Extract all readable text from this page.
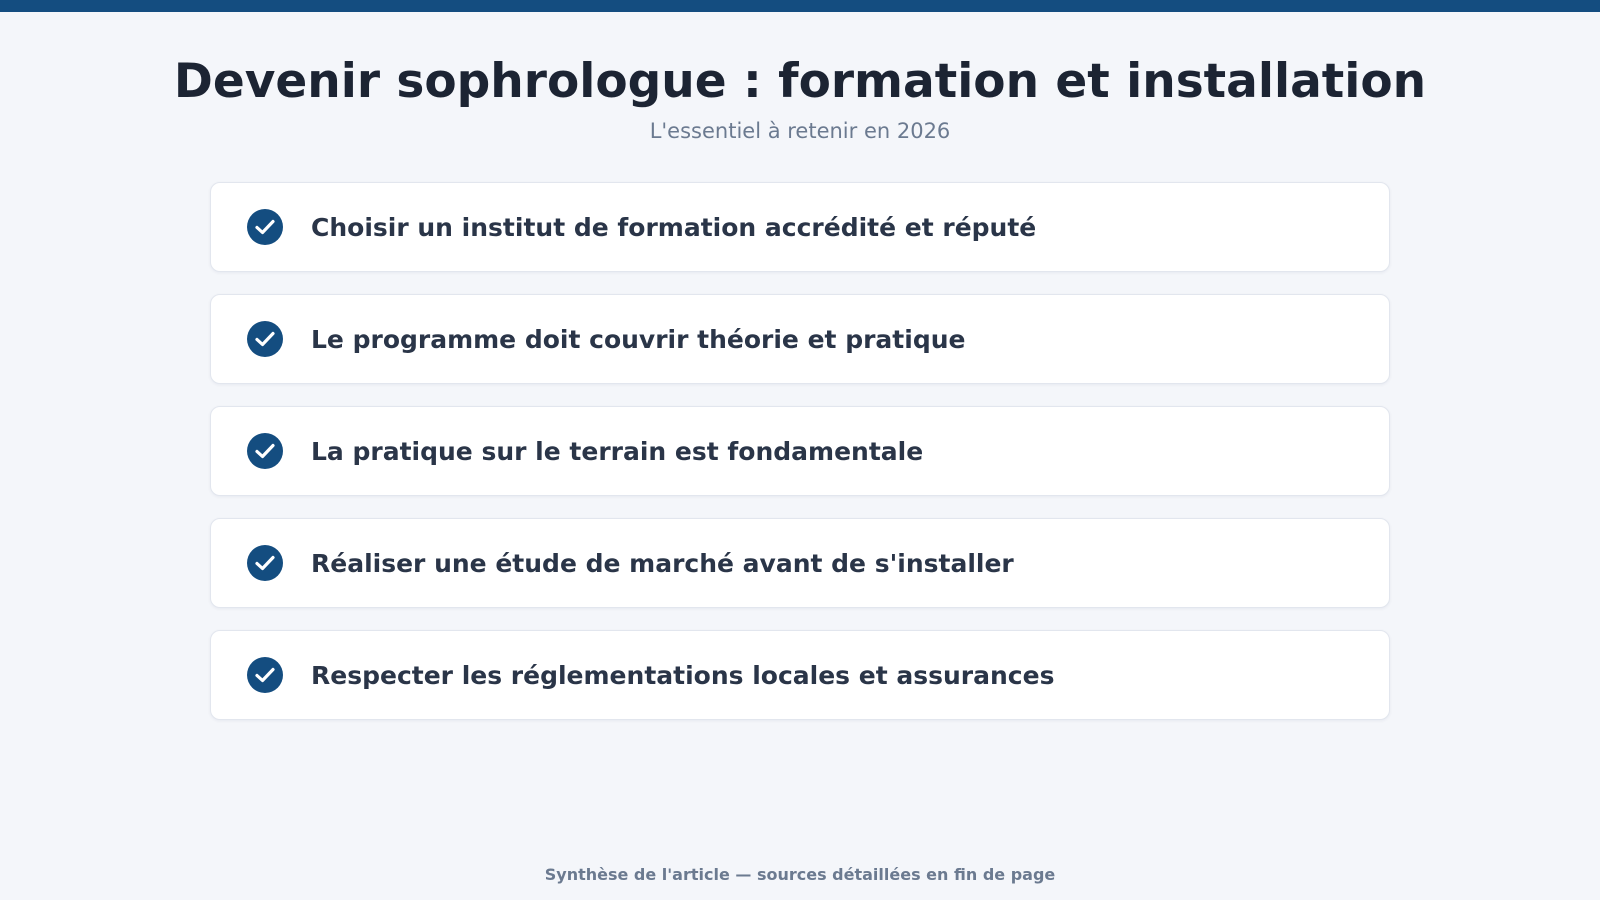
Devenir sophrologue : formation et installation
L'essentiel à retenir en 2026
Choisir un institut de formation accrédité et réputé
Le programme doit couvrir théorie et pratique
La pratique sur le terrain est fondamentale
Réaliser une étude de marché avant de s'installer
Respecter les réglementations locales et assurances
Synthèse de l'article — sources détaillées en fin de page
